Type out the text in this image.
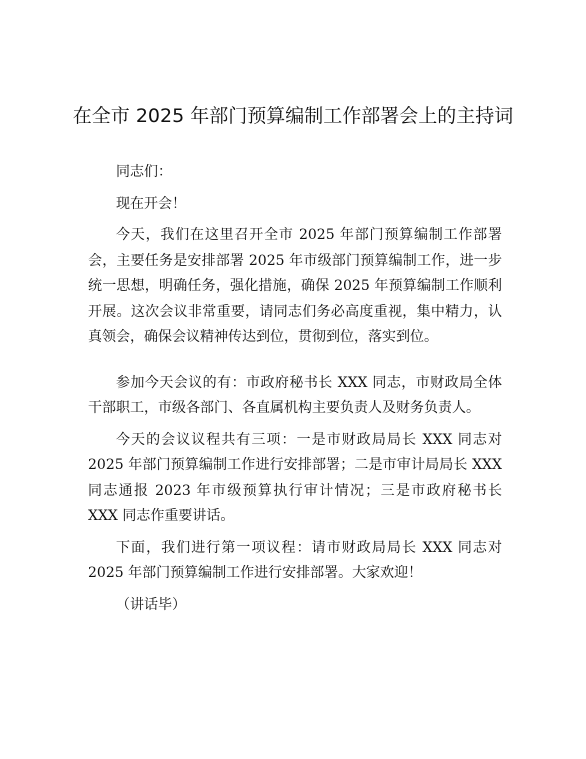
在全市 2025 年部门预算编制工作部署会上的主持词

同志们：

现在开会！

今天，我们在这里召开全市 2025 年部门预算编制工作部署会，主要任务是安排部署 2025 年市级部门预算编制工作，进一步统一思想，明确任务，强化措施，确保 2025 年预算编制工作顺利开展。这次会议非常重要，请同志们务必高度重视，集中精力，认真领会，确保会议精神传达到位，贯彻到位，落实到位。

参加今天会议的有：市政府秘书长 XXX 同志，市财政局全体干部职工，市级各部门、各直属机构主要负责人及财务负责人。

今天的会议议程共有三项：一是市财政局局长 XXX 同志对 2025 年部门预算编制工作进行安排部署；二是市审计局局长 XXX 同志通报 2023 年市级预算执行审计情况；三是市政府秘书长 XXX 同志作重要讲话。

下面，我们进行第一项议程：请市财政局局长 XXX 同志对 2025 年部门预算编制工作进行安排部署。大家欢迎！

（讲话毕）
